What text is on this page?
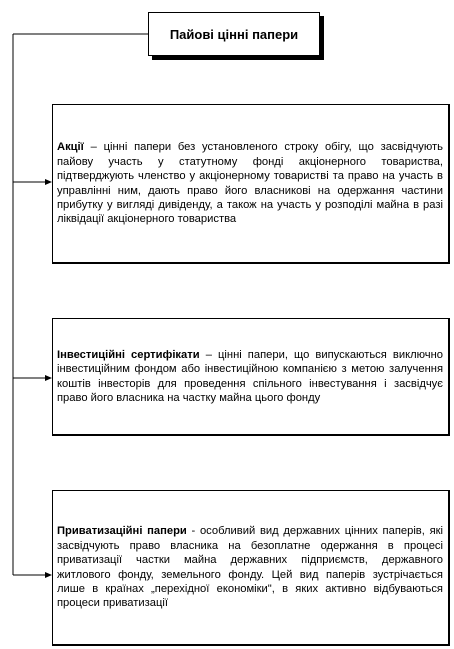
Пайові цінні папери

Акції – цінні папери без установленого строку обігу, що засвідчують пайову участь у статутному фонді акціонерного товариства, підтверджують членство у акціонерному товаристві та право на участь в управлінні ним, дають право його власникові на одержання частини прибутку у вигляді дивіденду, а також на участь у розподілі майна в разі ліквідації акціонерного товариства

Інвестиційні сертифікати – цінні папери, що випускаються виключно інвестиційним фондом або інвестиційною компанією з метою залучення коштів інвесторів для проведення спільного інвестування і засвідчує право його власника на частку майна цього фонду

Приватизаційні папери - особливий вид державних цінних паперів, які засвідчують право власника на безоплатне одержання в процесі приватизації частки майна державних підприємств, державного житлового фонду, земельного фонду. Цей вид паперів зустрічається лише в країнах „перехідної економіки", в яких активно відбуваються процеси приватизації
